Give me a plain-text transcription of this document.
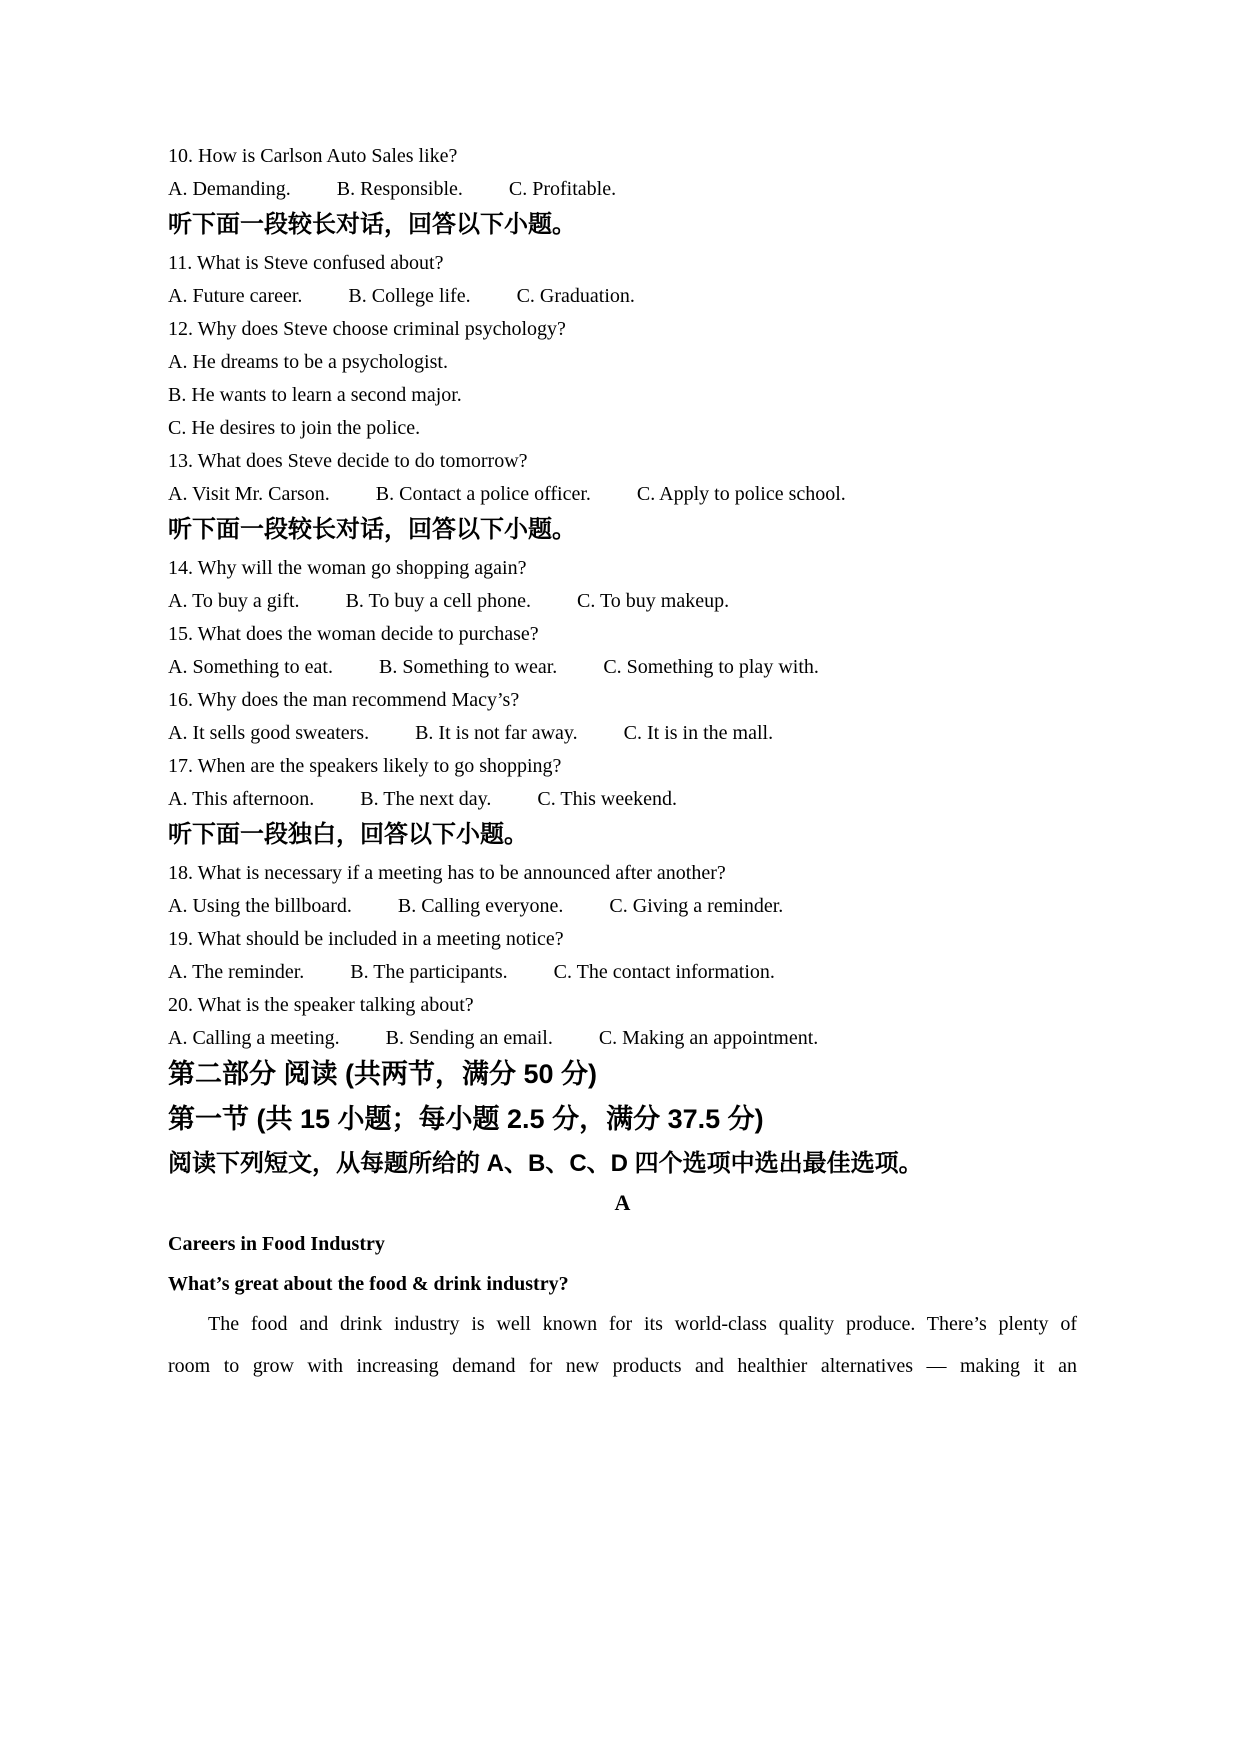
10. How is Carlson Auto Sales like?
A. Demanding. B. Responsible. C. Profitable.
听下面一段较长对话，回答以下小题。
11. What is Steve confused about?
A. Future career. B. College life. C. Graduation.
12. Why does Steve choose criminal psychology?
A. He dreams to be a psychologist.
B. He wants to learn a second major.
C. He desires to join the police.
13. What does Steve decide to do tomorrow?
A. Visit Mr. Carson. B. Contact a police officer. C. Apply to police school.
听下面一段较长对话，回答以下小题。
14. Why will the woman go shopping again?
A. To buy a gift. B. To buy a cell phone. C. To buy makeup.
15. What does the woman decide to purchase?
A. Something to eat. B. Something to wear. C. Something to play with.
16. Why does the man recommend Macy’s?
A. It sells good sweaters. B. It is not far away. C. It is in the mall.
17. When are the speakers likely to go shopping?
A. This afternoon. B. The next day. C. This weekend.
听下面一段独白，回答以下小题。
18. What is necessary if a meeting has to be announced after another?
A. Using the billboard. B. Calling everyone. C. Giving a reminder.
19. What should be included in a meeting notice?
A. The reminder. B. The participants. C. The contact information.
20. What is the speaker talking about?
A. Calling a meeting. B. Sending an email. C. Making an appointment.
第二部分 阅读 (共两节，满分 50 分)
第一节 (共 15 小题；每小题 2.5 分，满分 37.5 分)
阅读下列短文，从每题所给的 A、B、C、D 四个选项中选出最佳选项。
A
Careers in Food Industry
What’s great about the food & drink industry?
The food and drink industry is well known for its world-class quality produce. There’s plenty of
room to grow with increasing demand for new products and healthier alternatives — making it an
